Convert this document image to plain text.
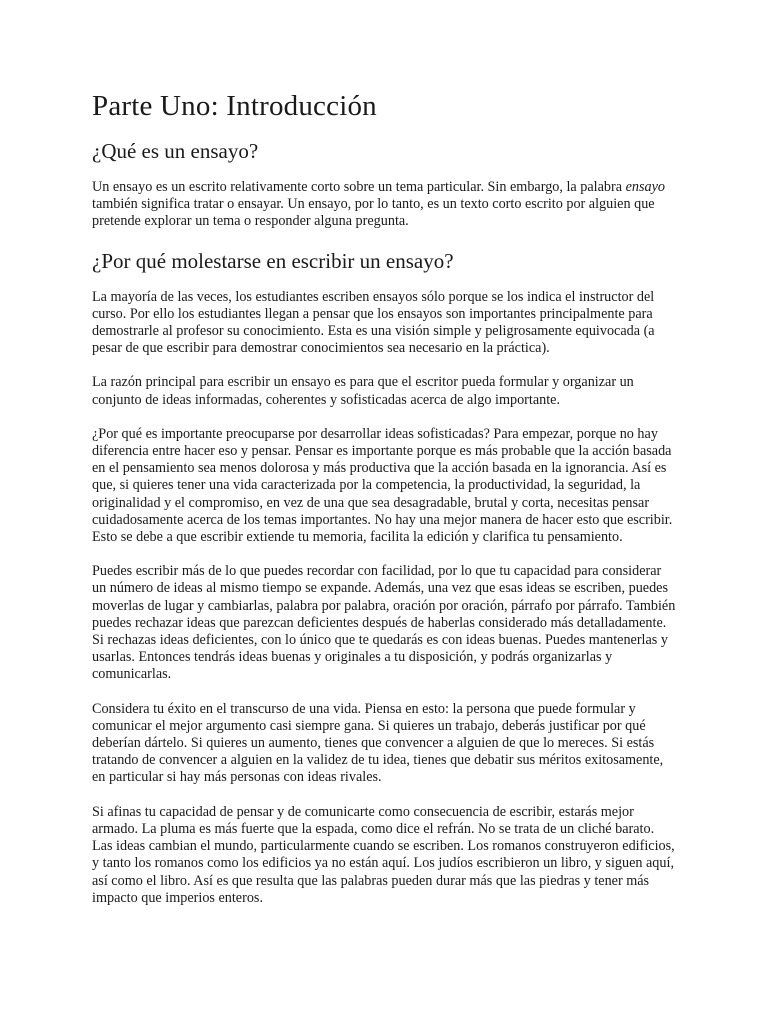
Parte Uno: Introducción
¿Qué es un ensayo?

Un ensayo es un escrito relativamente corto sobre un tema particular. Sin embargo, la palabra ensayo también significa tratar o ensayar. Un ensayo, por lo tanto, es un texto corto escrito por alguien que pretende explorar un tema o responder alguna pregunta.

¿Por qué molestarse en escribir un ensayo?

La mayoría de las veces, los estudiantes escriben ensayos sólo porque se los indica el instructor del curso. Por ello los estudiantes llegan a pensar que los ensayos son importantes principalmente para demostrarle al profesor su conocimiento. Esta es una visión simple y peligrosamente equivocada (a pesar de que escribir para demostrar conocimientos sea necesario en la práctica).

La razón principal para escribir un ensayo es para que el escritor pueda formular y organizar un conjunto de ideas informadas, coherentes y sofisticadas acerca de algo importante.

¿Por qué es importante preocuparse por desarrollar ideas sofisticadas? Para empezar, porque no hay diferencia entre hacer eso y pensar. Pensar es importante porque es más probable que la acción basada en el pensamiento sea menos dolorosa y más productiva que la acción basada en la ignorancia. Así es que, si quieres tener una vida caracterizada por la competencia, la productividad, la seguridad, la originalidad y el compromiso, en vez de una que sea desagradable, brutal y corta, necesitas pensar cuidadosamente acerca de los temas importantes. No hay una mejor manera de hacer esto que escribir. Esto se debe a que escribir extiende tu memoria, facilita la edición y clarifica tu pensamiento.

Puedes escribir más de lo que puedes recordar con facilidad, por lo que tu capacidad para considerar un número de ideas al mismo tiempo se expande. Además, una vez que esas ideas se escriben, puedes moverlas de lugar y cambiarlas, palabra por palabra, oración por oración, párrafo por párrafo. También puedes rechazar ideas que parezcan deficientes después de haberlas considerado más detalladamente. Si rechazas ideas deficientes, con lo único que te quedarás es con ideas buenas. Puedes mantenerlas y usarlas. Entonces tendrás ideas buenas y originales a tu disposición, y podrás organizarlas y comunicarlas.

Considera tu éxito en el transcurso de una vida. Piensa en esto: la persona que puede formular y comunicar el mejor argumento casi siempre gana. Si quieres un trabajo, deberás justificar por qué deberían dártelo. Si quieres un aumento, tienes que convencer a alguien de que lo mereces. Si estás tratando de convencer a alguien en la validez de tu idea, tienes que debatir sus méritos exitosamente, en particular si hay más personas con ideas rivales.

Si afinas tu capacidad de pensar y de comunicarte como consecuencia de escribir, estarás mejor armado. La pluma es más fuerte que la espada, como dice el refrán. No se trata de un cliché barato. Las ideas cambian el mundo, particularmente cuando se escriben. Los romanos construyeron edificios, y tanto los romanos como los edificios ya no están aquí. Los judíos escribieron un libro, y siguen aquí, así como el libro. Así es que resulta que las palabras pueden durar más que las piedras y tener más impacto que imperios enteros.
